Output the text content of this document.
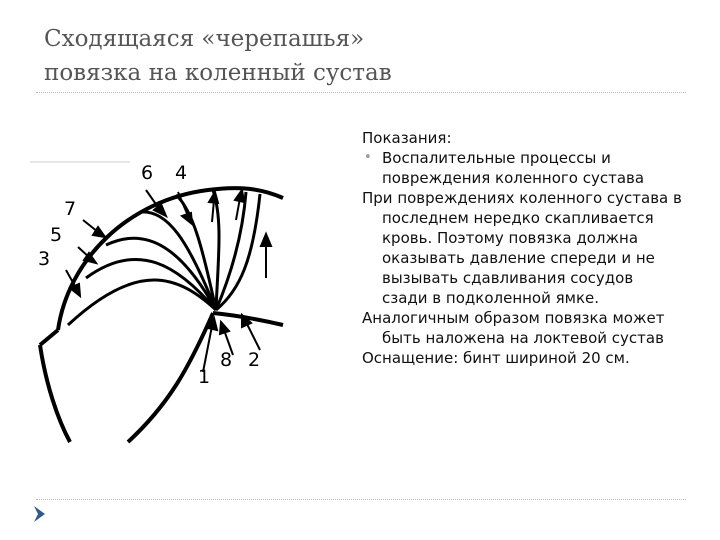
Сходящаяся «черепашья»
повязка на коленный сустав
6 4
7
5
3
8 2
1

Показания:

• Воспалительные процессы и повреждения коленного сустава

При повреждениях коленного сустава в последнем нередко скапливается кровь. Поэтому повязка должна оказывать давление спереди и не вызывать сдавливания сосудов сзади в подколенной ямке.

Аналогичным образом повязка может быть наложена на локтевой сустав

Оснащение: бинт шириной 20 см.
